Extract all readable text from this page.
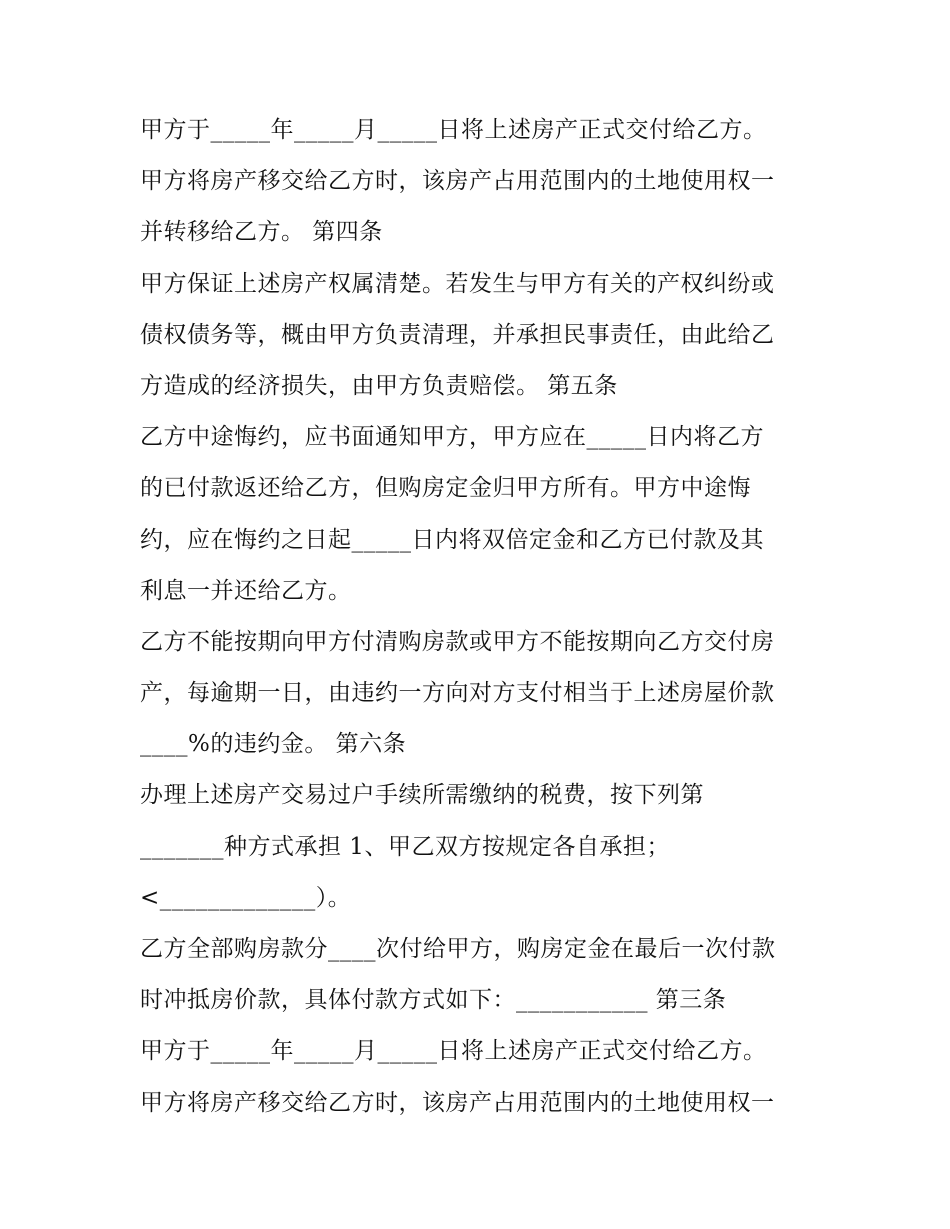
甲方于_____年_____月_____日将上述房产正式交付给乙方。
甲方将房产移交给乙方时，该房产占用范围内的土地使用权一
并转移给乙方。 第四条
甲方保证上述房产权属清楚。若发生与甲方有关的产权纠纷或
债权债务等，概由甲方负责清理，并承担民事责任，由此给乙
方造成的经济损失，由甲方负责赔偿。 第五条
乙方中途悔约，应书面通知甲方，甲方应在_____日内将乙方
的已付款返还给乙方，但购房定金归甲方所有。甲方中途悔
约，应在悔约之日起_____日内将双倍定金和乙方已付款及其
利息一并还给乙方。
乙方不能按期向甲方付清购房款或甲方不能按期向乙方交付房
产，每逾期一日，由违约一方向对方支付相当于上述房屋价款
____%的违约金。 第六条
办理上述房产交易过户手续所需缴纳的税费，按下列第
_______种方式承担 1、甲乙双方按规定各自承担；
<_____________）。
乙方全部购房款分____次付给甲方，购房定金在最后一次付款
时冲抵房价款，具体付款方式如下：___________ 第三条
甲方于_____年_____月_____日将上述房产正式交付给乙方。
甲方将房产移交给乙方时，该房产占用范围内的土地使用权一
